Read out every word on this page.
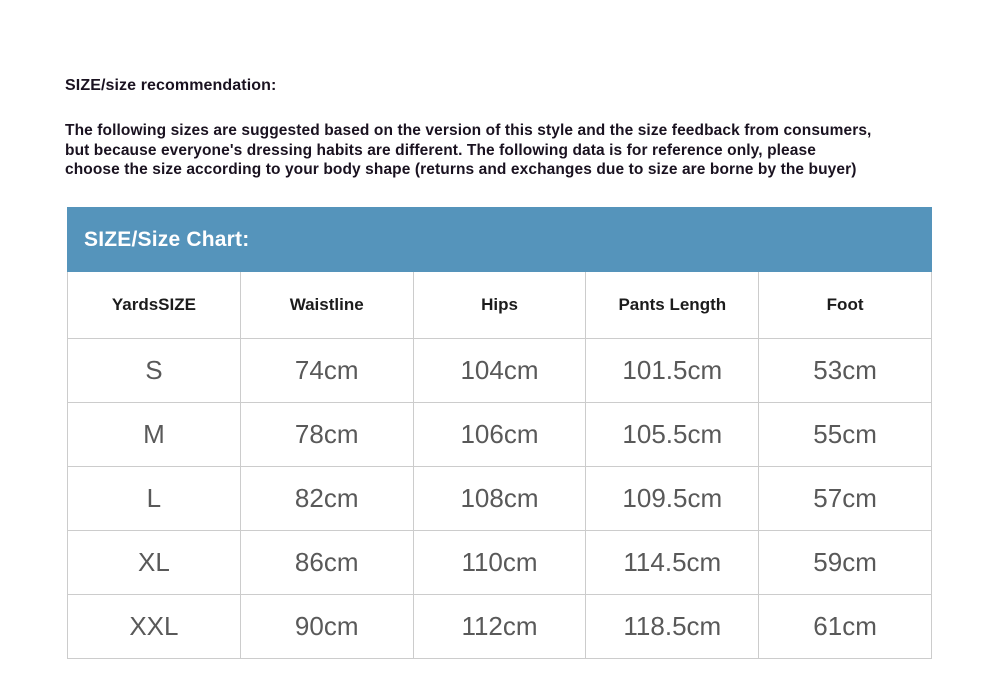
SIZE/size recommendation:
The following sizes are suggested based on the version of this style and the size feedback from consumers,
but because everyone's dressing habits are different. The following data is for reference only, please
choose the size according to your body shape (returns and exchanges due to size are borne by the buyer)
SIZE/Size Chart:
YardsSIZE	Waistline	Hips	Pants Length	Foot
S	74cm	104cm	101.5cm	53cm
M	78cm	106cm	105.5cm	55cm
L	82cm	108cm	109.5cm	57cm
XL	86cm	110cm	114.5cm	59cm
XXL	90cm	112cm	118.5cm	61cm
